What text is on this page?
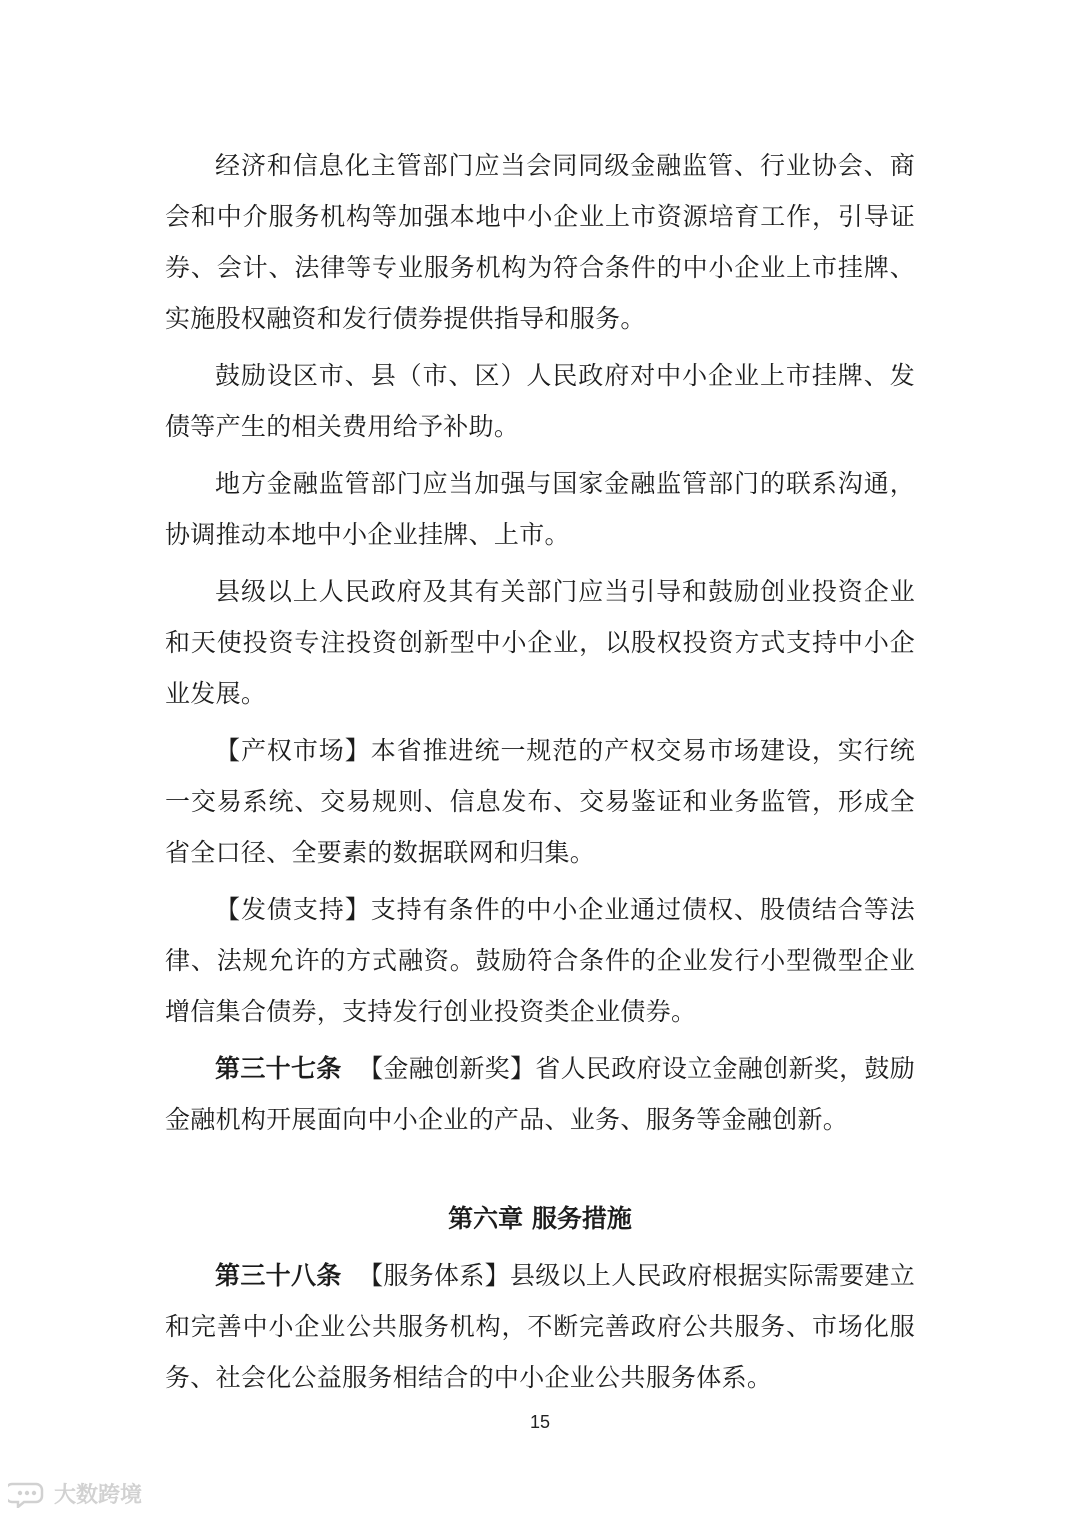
经济和信息化主管部门应当会同同级金融监管、行业协会、商会和中介服务机构等加强本地中小企业上市资源培育工作，引导证券、会计、法律等专业服务机构为符合条件的中小企业上市挂牌、实施股权融资和发行债券提供指导和服务。

鼓励设区市、县（市、区）人民政府对中小企业上市挂牌、发债等产生的相关费用给予补助。

地方金融监管部门应当加强与国家金融监管部门的联系沟通，协调推动本地中小企业挂牌、上市。

县级以上人民政府及其有关部门应当引导和鼓励创业投资企业和天使投资专注投资创新型中小企业，以股权投资方式支持中小企业发展。

【产权市场】本省推进统一规范的产权交易市场建设，实行统一交易系统、交易规则、信息发布、交易鉴证和业务监管，形成全省全口径、全要素的数据联网和归集。

【发债支持】支持有条件的中小企业通过债权、股债结合等法律、法规允许的方式融资。鼓励符合条件的企业发行小型微型企业增信集合债券，支持发行创业投资类企业债券。

第三十七条 【金融创新奖】省人民政府设立金融创新奖，鼓励金融机构开展面向中小企业的产品、业务、服务等金融创新。

第六章 服务措施

第三十八条 【服务体系】县级以上人民政府根据实际需要建立和完善中小企业公共服务机构，不断完善政府公共服务、市场化服务、社会化公益服务相结合的中小企业公共服务体系。

15
大数跨境
